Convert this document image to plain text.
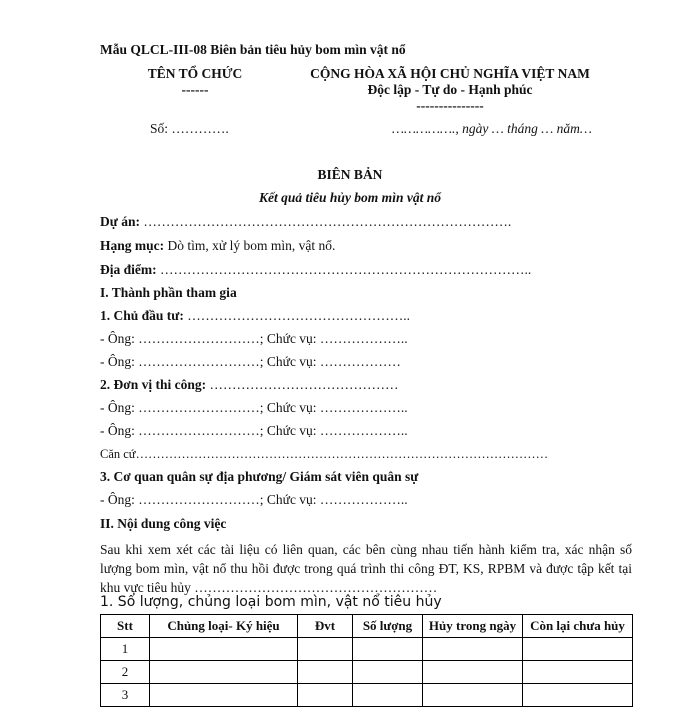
Mẫu QLCL-III-08 Biên bản tiêu hủy bom mìn vật nổ
TÊN TỔ CHỨC
------
CỘNG HÒA XÃ HỘI CHỦ NGHĨA VIỆT NAM
Độc lập - Tự do - Hạnh phúc
---------------
Số: ………….	……………., ngày … tháng … năm…
BIÊN BẢN
Kết quả tiêu hủy bom mìn vật nổ
Dự án: ……………………………………………………………………….
Hạng mục: Dò tìm, xử lý bom mìn, vật nổ.
Địa điểm: ………………………………………………………………………..
I. Thành phần tham gia
1. Chủ đầu tư: …………………………………………..
- Ông: ………………………; Chức vụ: ………………..
- Ông: ………………………; Chức vụ: ………………
2. Đơn vị thi công: ……………………………………
- Ông: ………………………; Chức vụ: ………………..
- Ông: ………………………; Chức vụ: ………………..
Căn cứ………………………………………………………………………………………
3. Cơ quan quân sự địa phương/ Giám sát viên quân sự
- Ông: ………………………; Chức vụ: ………………..
II. Nội dung công việc
Sau khi xem xét các tài liệu có liên quan, các bên cùng nhau tiến hành kiểm tra, xác nhận số lượng bom mìn, vật nổ thu hồi được trong quá trình thi công ĐT, KS, RPBM và được tập kết tại khu vực tiêu hủy ………………………………………………
1. Số lượng, chủng loại bom mìn, vật nổ tiêu hủy
Stt	Chủng loại- Ký hiệu	Đvt	Số lượng	Hủy trong ngày	Còn lại chưa hủy
1					
2					
3					
